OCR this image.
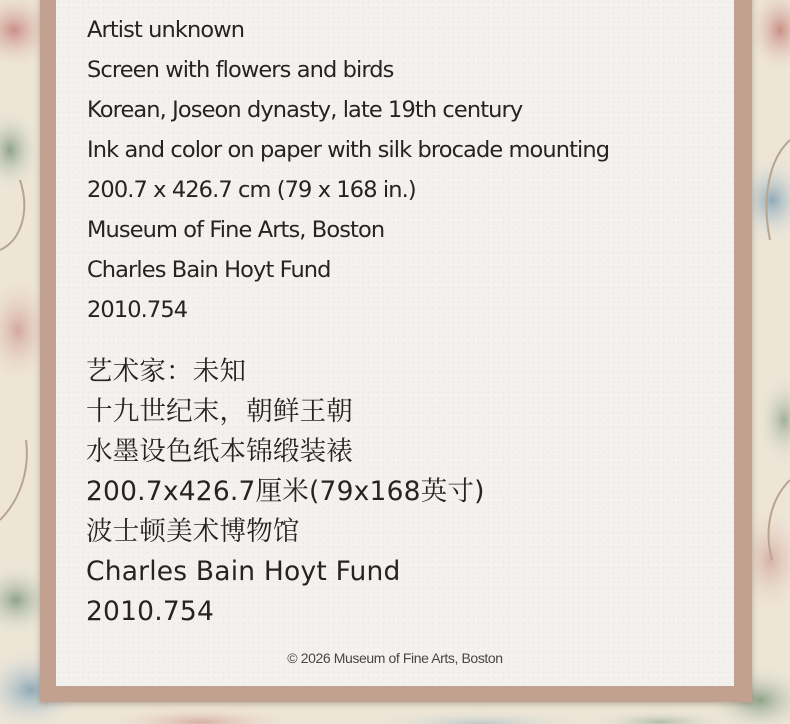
Artist unknown
Screen with flowers and birds
Korean, Joseon dynasty, late 19th century
Ink and color on paper with silk brocade mounting
200.7 x 426.7 cm (79 x 168 in.)
Museum of Fine Arts, Boston
Charles Bain Hoyt Fund
2010.754
艺术家：未知
十九世纪末，朝鲜王朝
水墨设色纸本锦缎装裱
200.7x426.7厘米(79x168英寸)
波士顿美术博物馆
Charles Bain Hoyt Fund
2010.754
© 2026 Museum of Fine Arts, Boston
